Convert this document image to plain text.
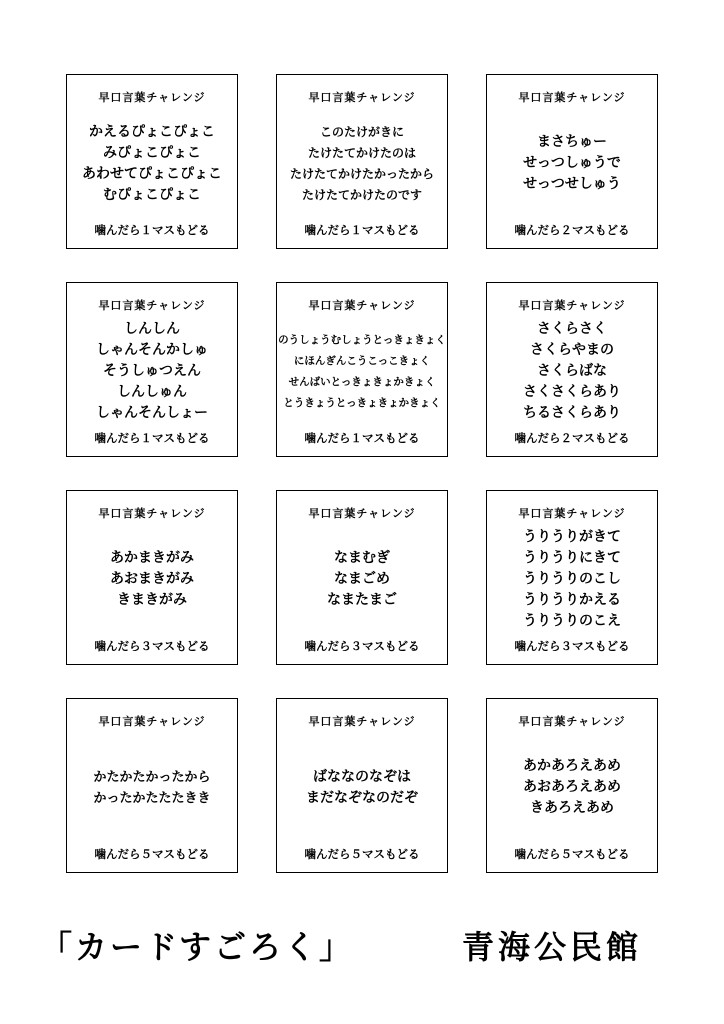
早口言葉チャレンジ
かえるぴょこぴょこ
みぴょこぴょこ
あわせてぴょこぴょこ
むぴょこぴょこ
噛んだら１マスもどる
早口言葉チャレンジ
このたけがきに
たけたてかけたのは
たけたてかけたかったから
たけたてかけたのです
噛んだら１マスもどる
早口言葉チャレンジ
まさちゅー
せっつしゅうで
せっつせしゅう
噛んだら２マスもどる
早口言葉チャレンジ
しんしん
しゃんそんかしゅ
そうしゅつえん
しんしゅん
しゃんそんしょー
噛んだら１マスもどる
早口言葉チャレンジ
のうしょうむしょうとっきょきょく
にほんぎんこうこっこきょく
せんばいとっきょきょかきょく
とうきょうとっきょきょかきょく
噛んだら１マスもどる
早口言葉チャレンジ
さくらさく
さくらやまの
さくらばな
さくさくらあり
ちるさくらあり
噛んだら２マスもどる
早口言葉チャレンジ
あかまきがみ
あおまきがみ
きまきがみ
噛んだら３マスもどる
早口言葉チャレンジ
なまむぎ
なまごめ
なまたまご
噛んだら３マスもどる
早口言葉チャレンジ
うりうりがきて
うりうりにきて
うりうりのこし
うりうりかえる
うりうりのこえ
噛んだら３マスもどる
早口言葉チャレンジ
かたかたかったから
かったかたたたきき
噛んだら５マスもどる
早口言葉チャレンジ
ばななのなぞは
まだなぞなのだぞ
噛んだら５マスもどる
早口言葉チャレンジ
あかあろえあめ
あおあろえあめ
きあろえあめ
噛んだら５マスもどる
「カードすごろく」	青海公民館
